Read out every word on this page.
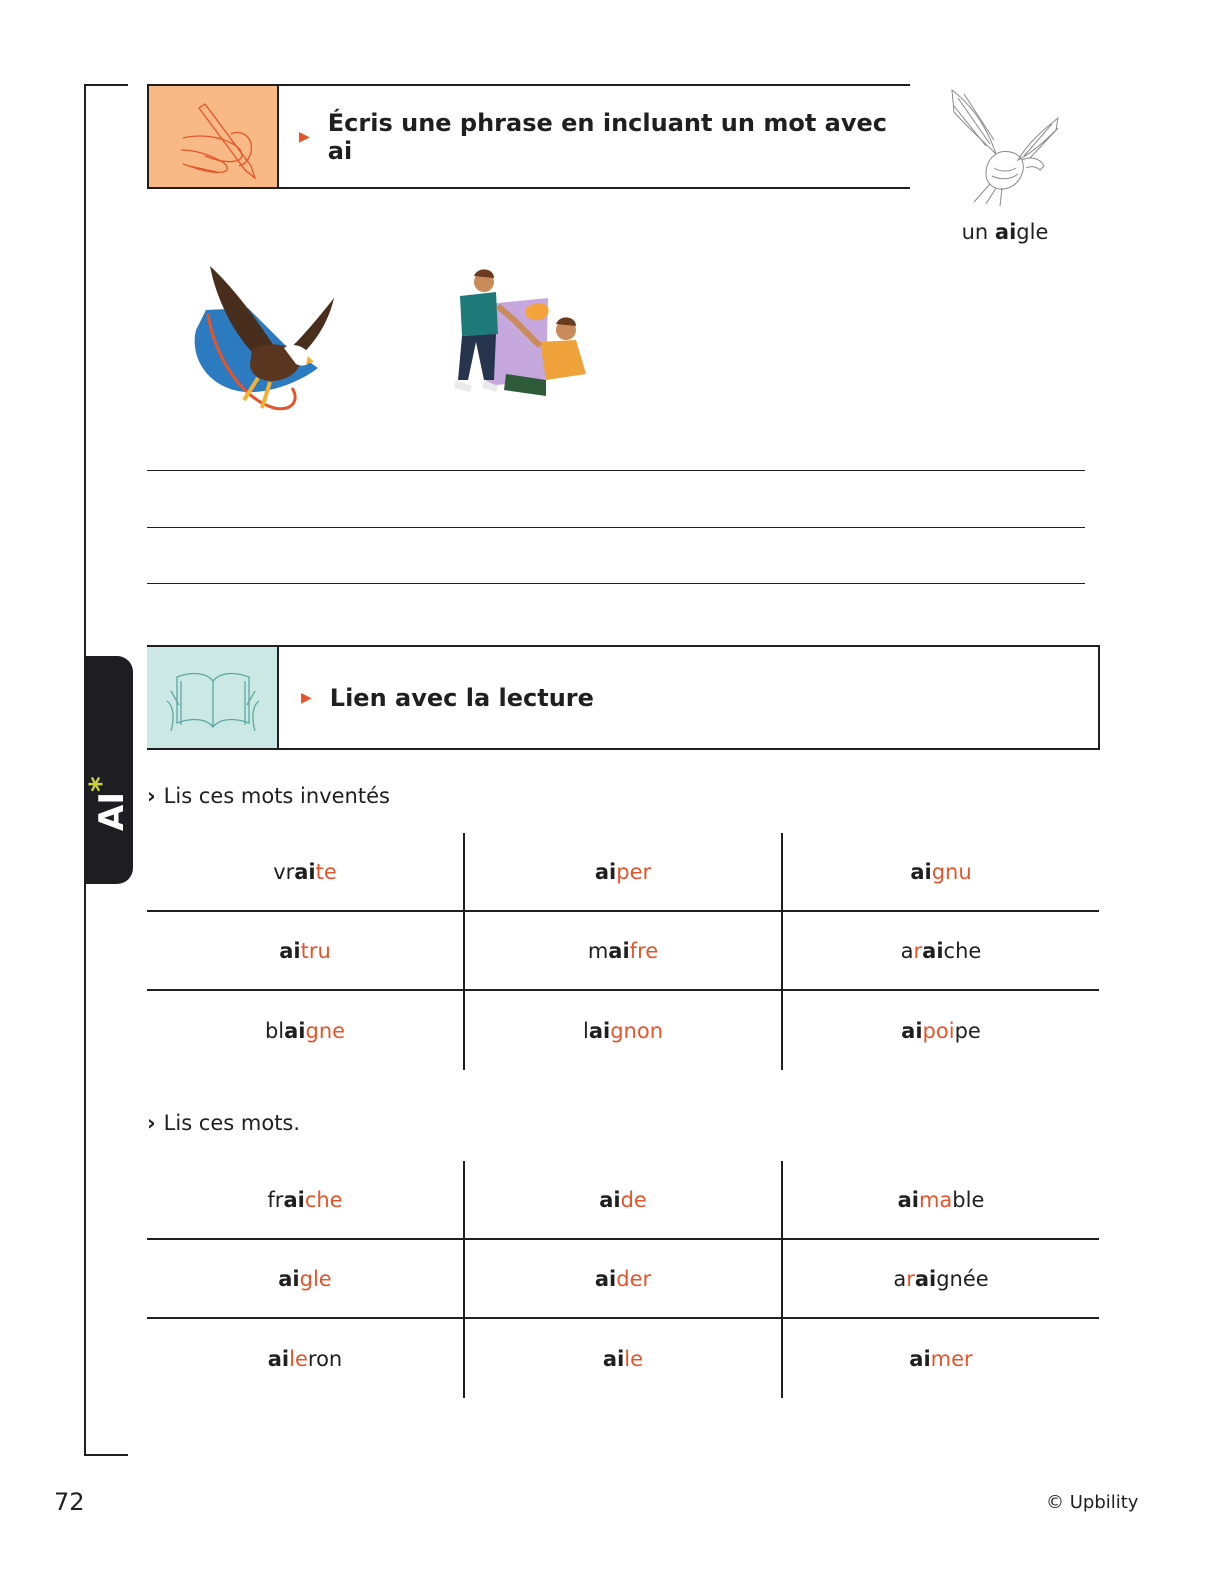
AI*
▶ Écris une phrase en incluant un mot avec ai
un aigle
▶ Lien avec la lecture
› Lis ces mots inventés
vr ai te	ai per	ai gnu
ai tru	m ai fre	a r ai che
bl ai gne	l ai gnon	ai poi pe
› Lis ces mots.
fr ai che	ai de	ai ma ble
ai gle	ai der	a r ai gnée
ai le ron	ai le	ai mer
72	© Upbility
